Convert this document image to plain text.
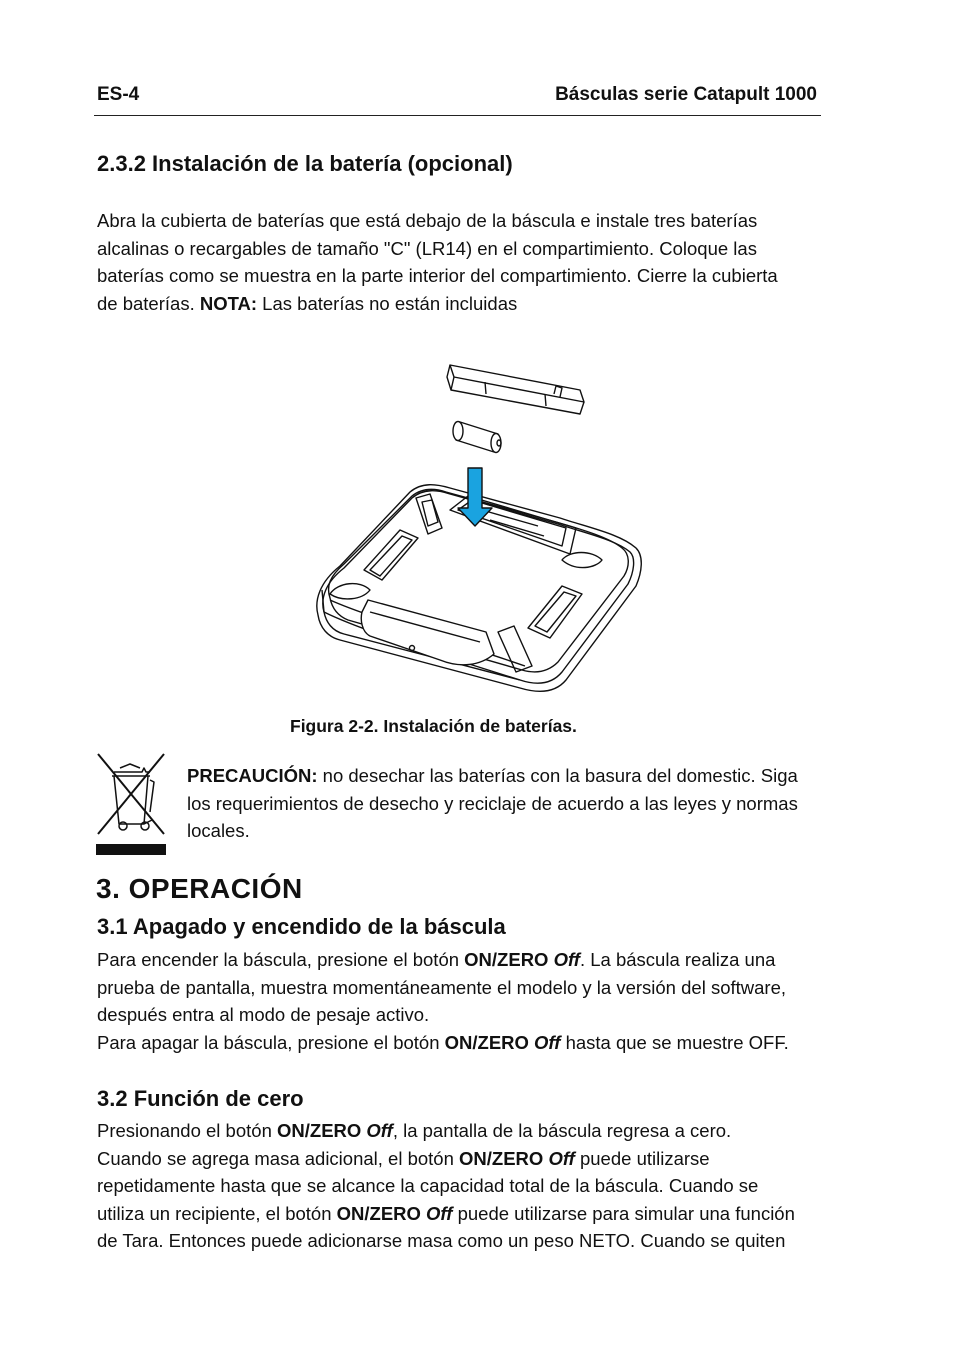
ES-4	Básculas serie Catapult 1000
2.3.2 Instalación de la batería (opcional)
Abra la cubierta de baterías que está debajo de la báscula e instale tres baterías
alcalinas o recargables de tamaño "C" (LR14) en el compartimiento. Coloque las
baterías como se muestra en la parte interior del compartimiento. Cierre la cubierta
de baterías. NOTA: Las baterías no están incluidas
Figura 2-2. Instalación de baterías.
PRECAUCIÓN: no desechar las baterías con la basura del domestic. Siga
los requerimientos de desecho y reciclaje de acuerdo a las leyes y normas
locales.
3. OPERACIÓN
3.1 Apagado y encendido de la báscula
Para encender la báscula, presione el botón ON/ZERO Off. La báscula realiza una
prueba de pantalla, muestra momentáneamente el modelo y la versión del software,
después entra al modo de pesaje activo.
Para apagar la báscula, presione el botón ON/ZERO Off hasta que se muestre OFF.
3.2 Función de cero
Presionando el botón ON/ZERO Off, la pantalla de la báscula regresa a cero.
Cuando se agrega masa adicional, el botón ON/ZERO Off puede utilizarse
repetidamente hasta que se alcance la capacidad total de la báscula. Cuando se
utiliza un recipiente, el botón ON/ZERO Off puede utilizarse para simular una función
de Tara. Entonces puede adicionarse masa como un peso NETO. Cuando se quiten
